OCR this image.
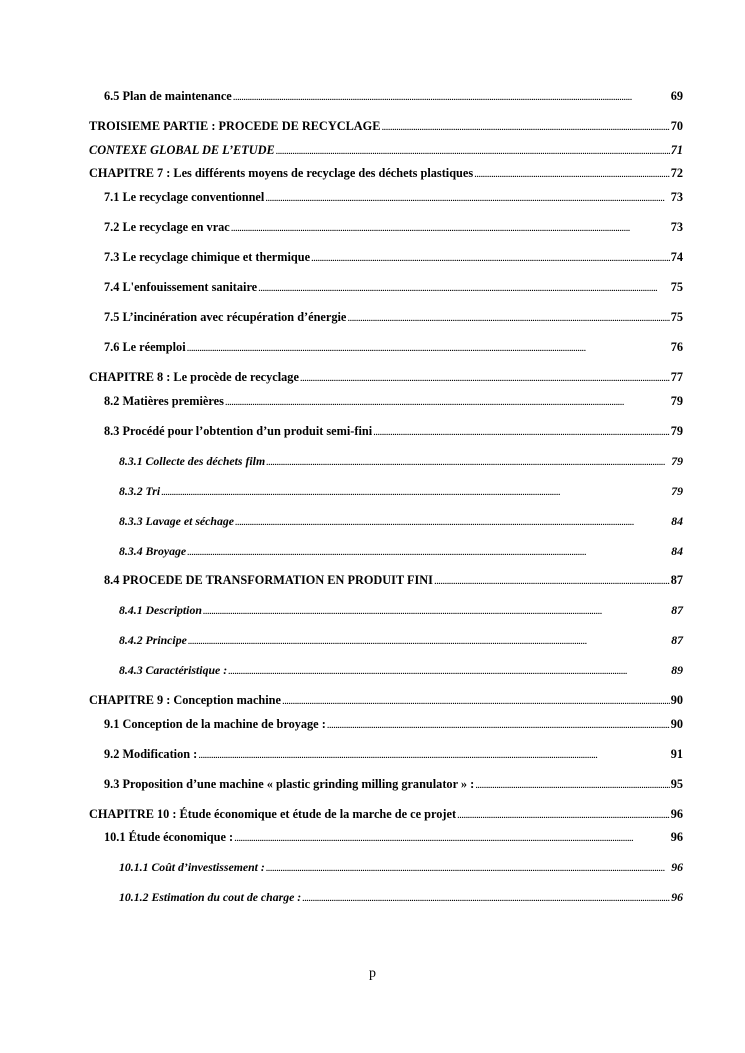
6.5 Plan de maintenance . . .	69
TROISIEME PARTIE : PROCEDE DE RECYCLAGE . . .	70
CONTEXE GLOBAL DE L’ETUDE . . .	71
CHAPITRE 7 : Les différents moyens de recyclage des déchets plastiques . . .	72
7.1 Le recyclage conventionnel . . .	73
7.2 Le recyclage en vrac . . .	73
7.3 Le recyclage chimique et thermique . . .	74
7.4 L'enfouissement sanitaire . . .	75
7.5 L’incinération avec récupération d’énergie . . .	75
7.6 Le réemploi . . .	76
CHAPITRE 8 : Le procède de recyclage . . .	77
8.2 Matières premières . . .	79
8.3 Procédé pour l’obtention d’un produit semi-fini . . .	79
8.3.1 Collecte des déchets film . . .	79
8.3.2 Tri . . .	79
8.3.3 Lavage et séchage . . .	84
8.3.4 Broyage . . .	84
8.4 PROCEDE DE TRANSFORMATION EN PRODUIT FINI . . .	87
8.4.1 Description . . .	87
8.4.2 Principe . . .	87
8.4.3 Caractéristique : . . .	89
CHAPITRE 9 : Conception machine . . .	90
9.1 Conception de la machine de broyage : . . .	90
9.2 Modification : . . .	91
9.3 Proposition d’une machine « plastic grinding milling granulator » : . . .	95
CHAPITRE 10 : Étude économique et étude de la marche de ce projet . . .	96
10.1 Étude économique : . . .	96
10.1.1 Coût d’investissement : . . .	96
10.1.2 Estimation du cout de charge : . . .	96
p
